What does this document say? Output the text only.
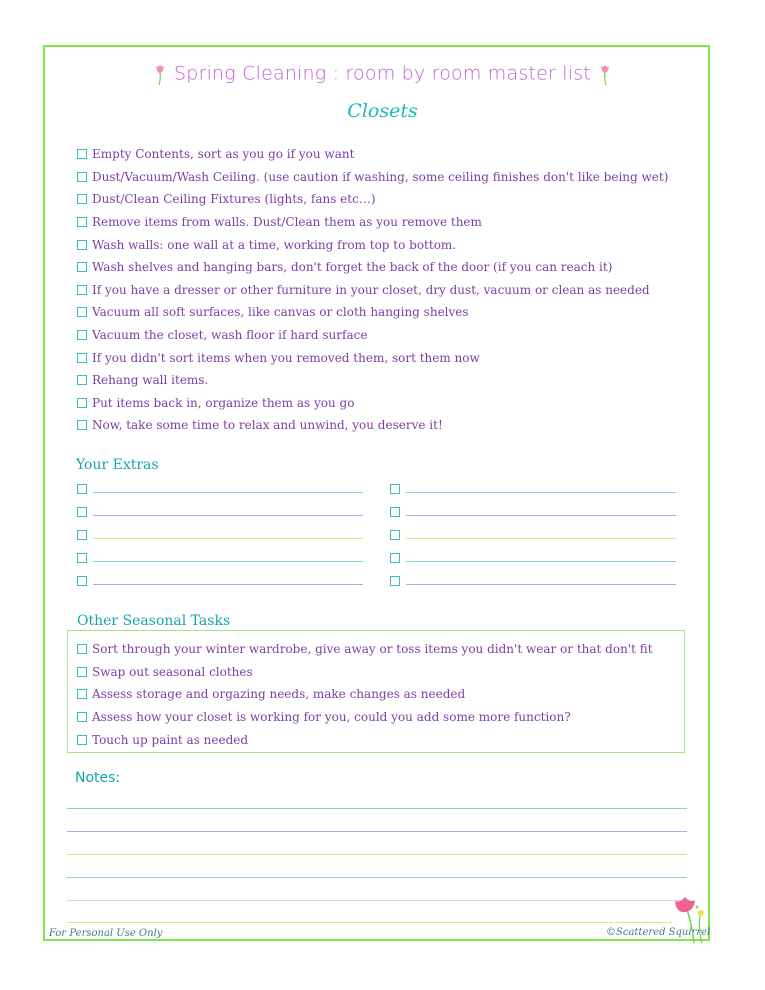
Spring Cleaning : room by room master list
Closets
Empty Contents, sort as you go if you want
Dust/Vacuum/Wash Ceiling. (use caution if washing, some ceiling finishes don't like being wet)
Dust/Clean Ceiling Fixtures (lights, fans etc…)
Remove items from walls. Dust/Clean them as you remove them
Wash walls: one wall at a time, working from top to bottom.
Wash shelves and hanging bars, don't forget the back of the door (if you can reach it)
If you have a dresser or other furniture in your closet, dry dust, vacuum or clean as needed
Vacuum all soft surfaces, like canvas or cloth hanging shelves
Vacuum the closet, wash floor if hard surface
If you didn't sort items when you removed them, sort them now
Rehang wall items.
Put items back in, organize them as you go
Now, take some time to relax and unwind, you deserve it!
Your Extras
Other Seasonal Tasks
Sort through your winter wardrobe, give away or toss items you didn't wear or that don't fit
Swap out seasonal clothes
Assess storage and orgazing needs, make changes as needed
Assess how your closet is working for you, could you add some more function?
Touch up paint as needed
Notes:
For Personal Use Only	©Scattered Squirrel
